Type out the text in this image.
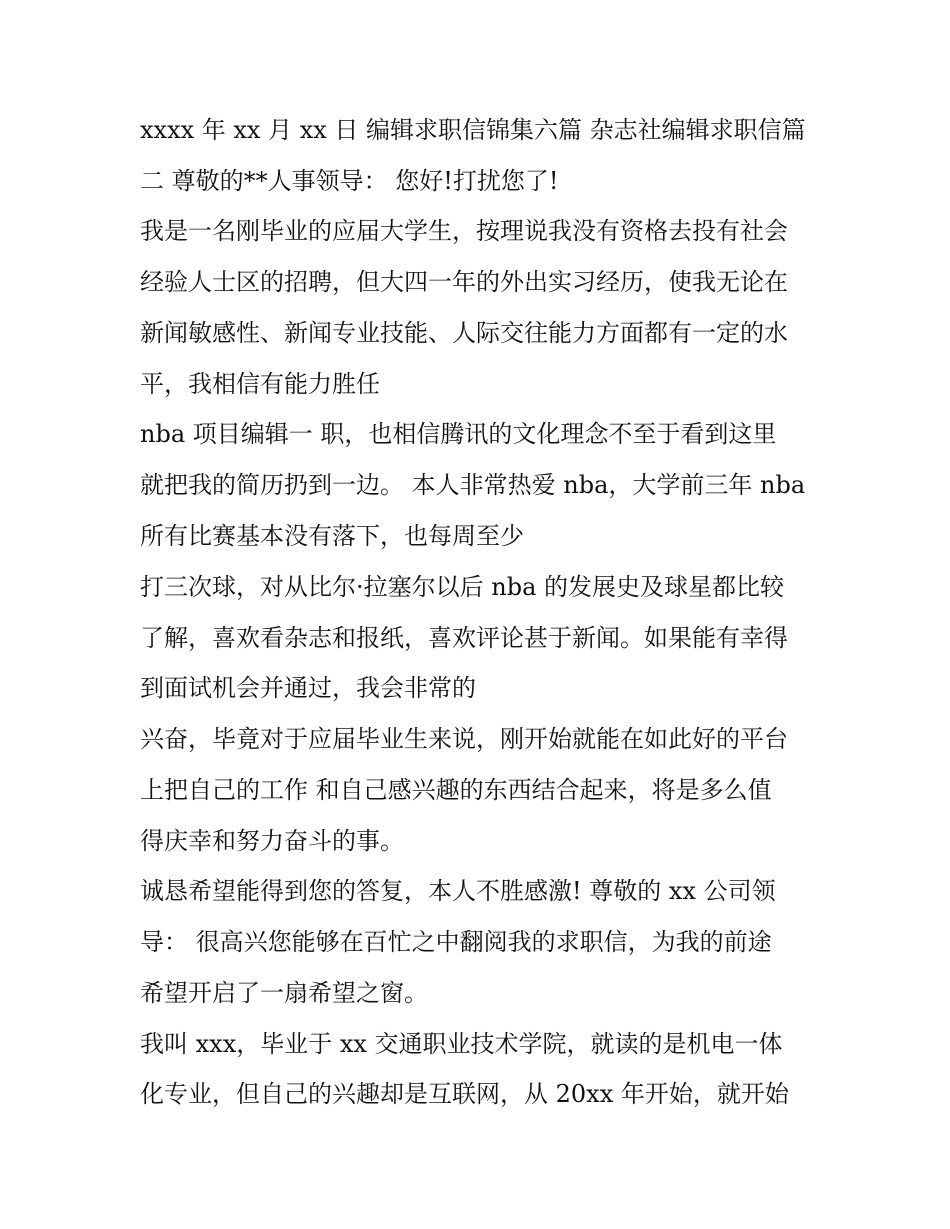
xxxx 年 xx 月 xx 日 编辑求职信锦集六篇 杂志社编辑求职信篇

二 尊敬的**人事领导： 您好!打扰您了!

我是一名刚毕业的应届大学生，按理说我没有资格去投有社会

经验人士区的招聘，但大四一年的外出实习经历，使我无论在

新闻敏感性、新闻专业技能、人际交往能力方面都有一定的水

平，我相信有能力胜任

nba 项目编辑一 职，也相信腾讯的文化理念不至于看到这里

就把我的简历扔到一边。 本人非常热爱 nba，大学前三年 nba

所有比赛基本没有落下，也每周至少

打三次球，对从比尔·拉塞尔以后 nba 的发展史及球星都比较

了解，喜欢看杂志和报纸，喜欢评论甚于新闻。如果能有幸得

到面试机会并通过，我会非常的

兴奋，毕竟对于应届毕业生来说，刚开始就能在如此好的平台

上把自己的工作 和自己感兴趣的东西结合起来，将是多么值

得庆幸和努力奋斗的事。

诚恳希望能得到您的答复，本人不胜感激! 尊敬的 xx 公司领

导： 很高兴您能够在百忙之中翻阅我的求职信，为我的前途

希望开启了一扇希望之窗。

我叫 xxx，毕业于 xx 交通职业技术学院，就读的是机电一体

化专业，但自己的兴趣却是互联网，从 20xx 年开始，就开始
